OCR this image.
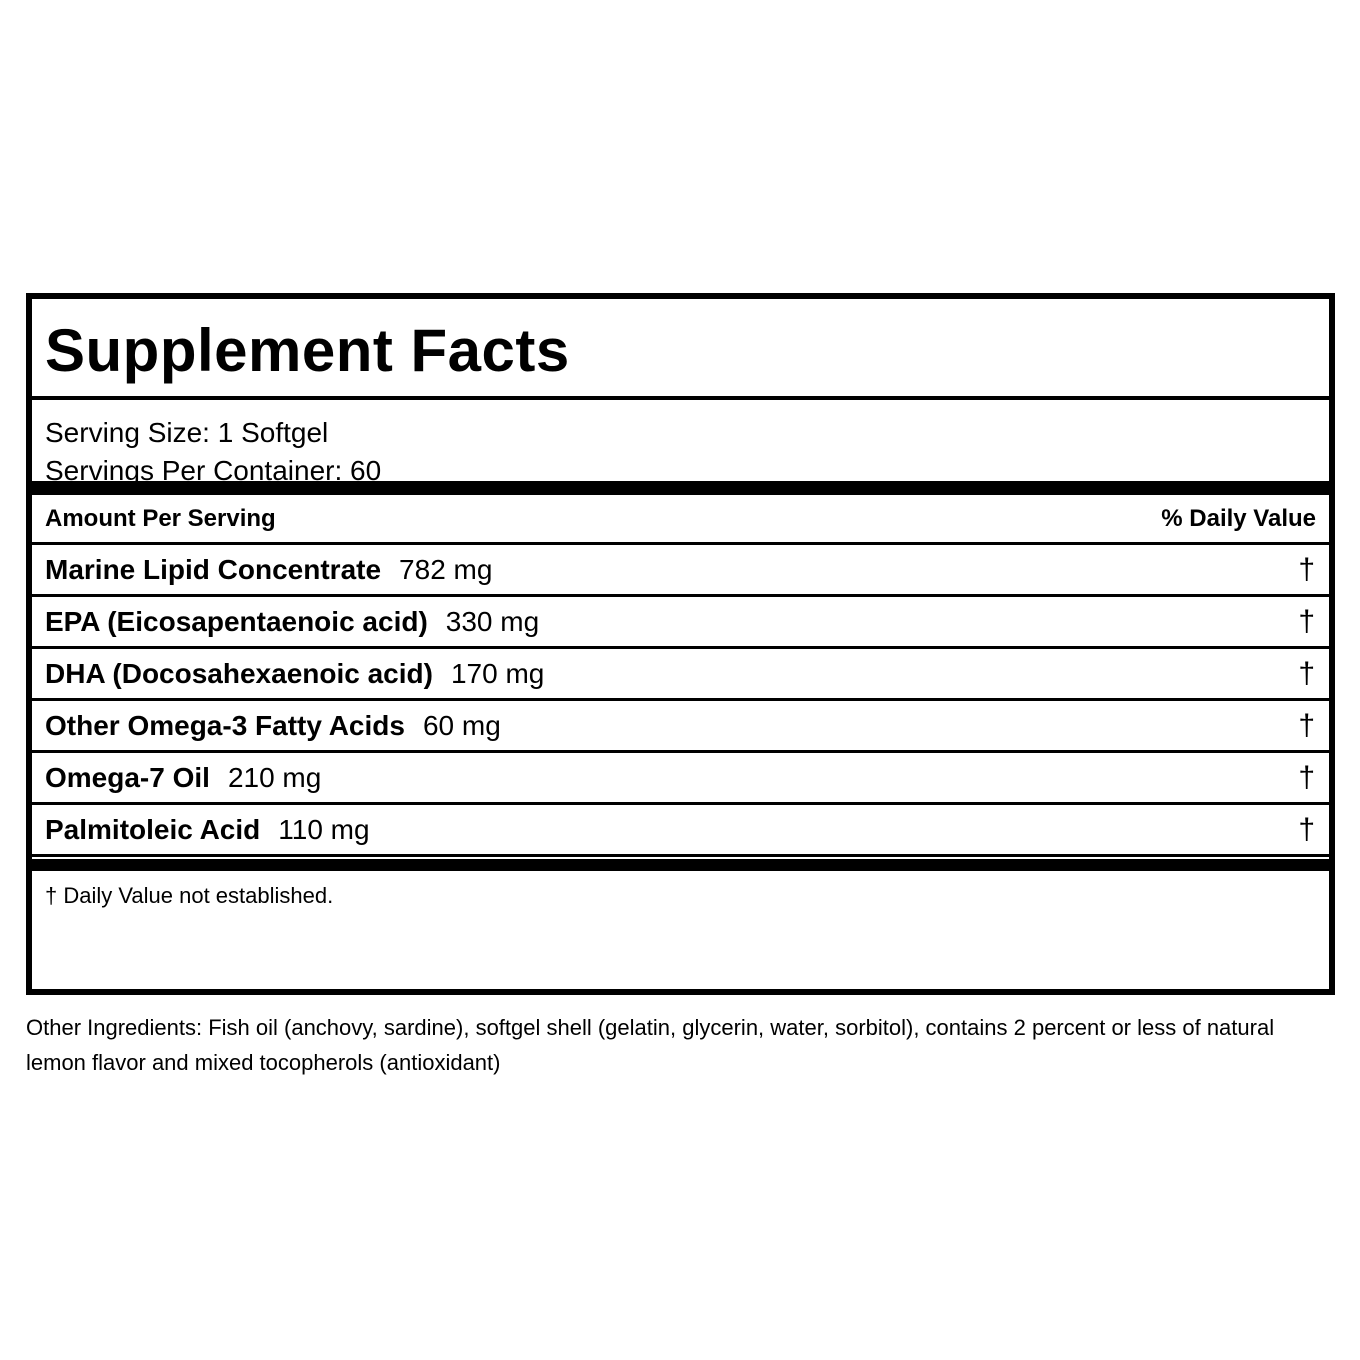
Supplement Facts
Serving Size: 1 Softgel
Servings Per Container: 60
Amount Per Serving	% Daily Value
Marine Lipid Concentrate 782 mg	†
EPA (Eicosapentaenoic acid) 330 mg	†
DHA (Docosahexaenoic acid) 170 mg	†
Other Omega-3 Fatty Acids 60 mg	†
Omega-7 Oil 210 mg	†
Palmitoleic Acid 110 mg	†
† Daily Value not established.
Other Ingredients: Fish oil (anchovy, sardine), softgel shell (gelatin, glycerin, water, sorbitol), contains 2 percent or less of natural lemon flavor and mixed tocopherols (antioxidant)
